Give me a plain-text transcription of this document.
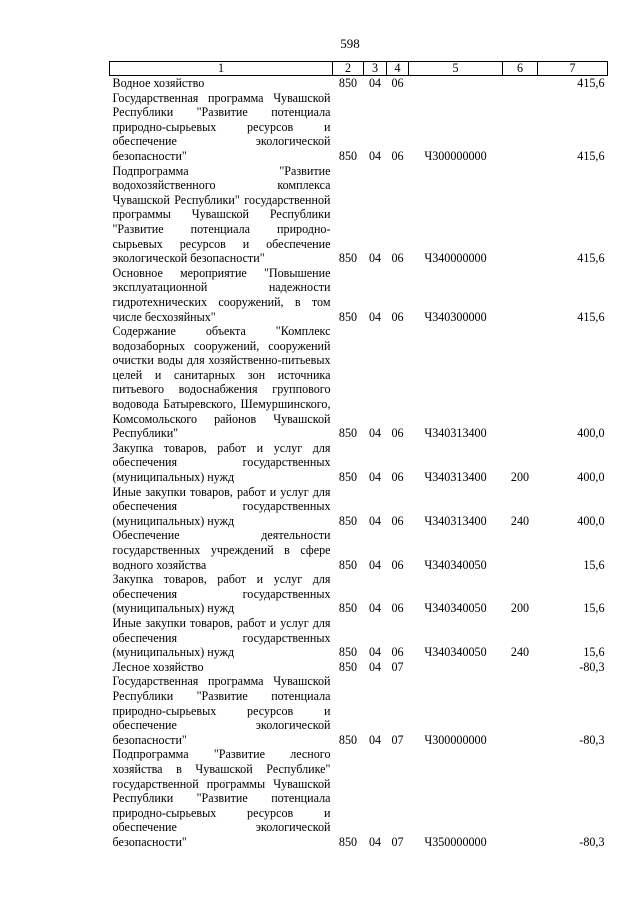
598
1	2	3	4	5	6	7
Водное хозяйство	850	04	06			415,6
Государственная программа Чувашской Республики "Развитие потенциала природно-сырьевых ресурсов и обеспечение экологической безопасности"	850	04	06	Ч300000000		415,6
Подпрограмма "Развитие водохозяйственного комплекса Чувашской Республики" государственной программы Чувашской Республики "Развитие потенциала природно-сырьевых ресурсов и обеспечение экологической безопасности"	850	04	06	Ч340000000		415,6
Основное мероприятие "Повышение эксплуатационной надежности гидротехнических сооружений, в том числе бесхозяйных"	850	04	06	Ч340300000		415,6
Содержание объекта "Комплекс водозаборных сооружений, сооружений очистки воды для хозяйственно-питьевых целей и санитарных зон источника питьевого водоснабжения группового водовода Батыревского, Шемуршинского, Комсомольского районов Чувашской Республики"	850	04	06	Ч340313400		400,0
Закупка товаров, работ и услуг для обеспечения государственных (муниципальных) нужд	850	04	06	Ч340313400	200	400,0
Иные закупки товаров, работ и услуг для обеспечения государственных (муниципальных) нужд	850	04	06	Ч340313400	240	400,0
Обеспечение деятельности государственных учреждений в сфере водного хозяйства	850	04	06	Ч340340050		15,6
Закупка товаров, работ и услуг для обеспечения государственных (муниципальных) нужд	850	04	06	Ч340340050	200	15,6
Иные закупки товаров, работ и услуг для обеспечения государственных (муниципальных) нужд	850	04	06	Ч340340050	240	15,6
Лесное хозяйство	850	04	07			-80,3
Государственная программа Чувашской Республики "Развитие потенциала природно-сырьевых ресурсов и обеспечение экологической безопасности"	850	04	07	Ч300000000		-80,3
Подпрограмма "Развитие лесного хозяйства в Чувашской Республике" государственной программы Чувашской Республики "Развитие потенциала природно-сырьевых ресурсов и обеспечение экологической безопасности"	850	04	07	Ч350000000		-80,3
